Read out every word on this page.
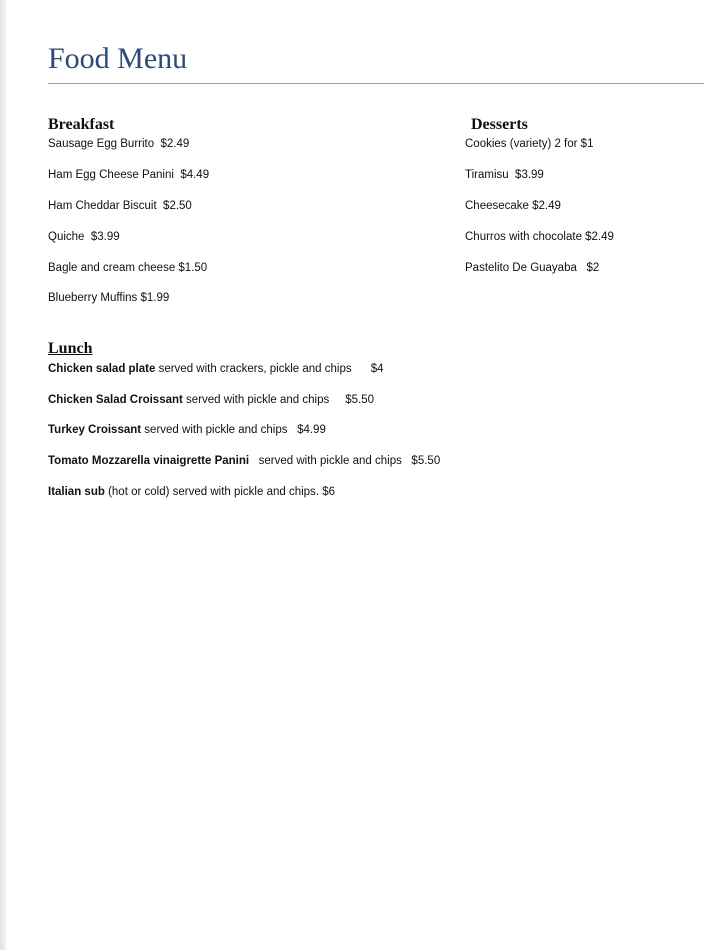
Food Menu
Breakfast

Sausage Egg Burrito  $2.49

Ham Egg Cheese Panini  $4.49

Ham Cheddar Biscuit  $2.50

Quiche  $3.99

Bagle and cream cheese $1.50

Blueberry Muffins $1.99

Desserts

Cookies (variety) 2 for $1

Tiramisu  $3.99

Cheesecake $2.49

Churros with chocolate $2.49

Pastelito De Guayaba   $2

Lunch

Chicken salad plate served with crackers, pickle and chips      $4

Chicken Salad Croissant served with pickle and chips     $5.50

Turkey Croissant served with pickle and chips   $4.99

Tomato Mozzarella vinaigrette Panini   served with pickle and chips   $5.50

Italian sub (hot or cold) served with pickle and chips. $6
